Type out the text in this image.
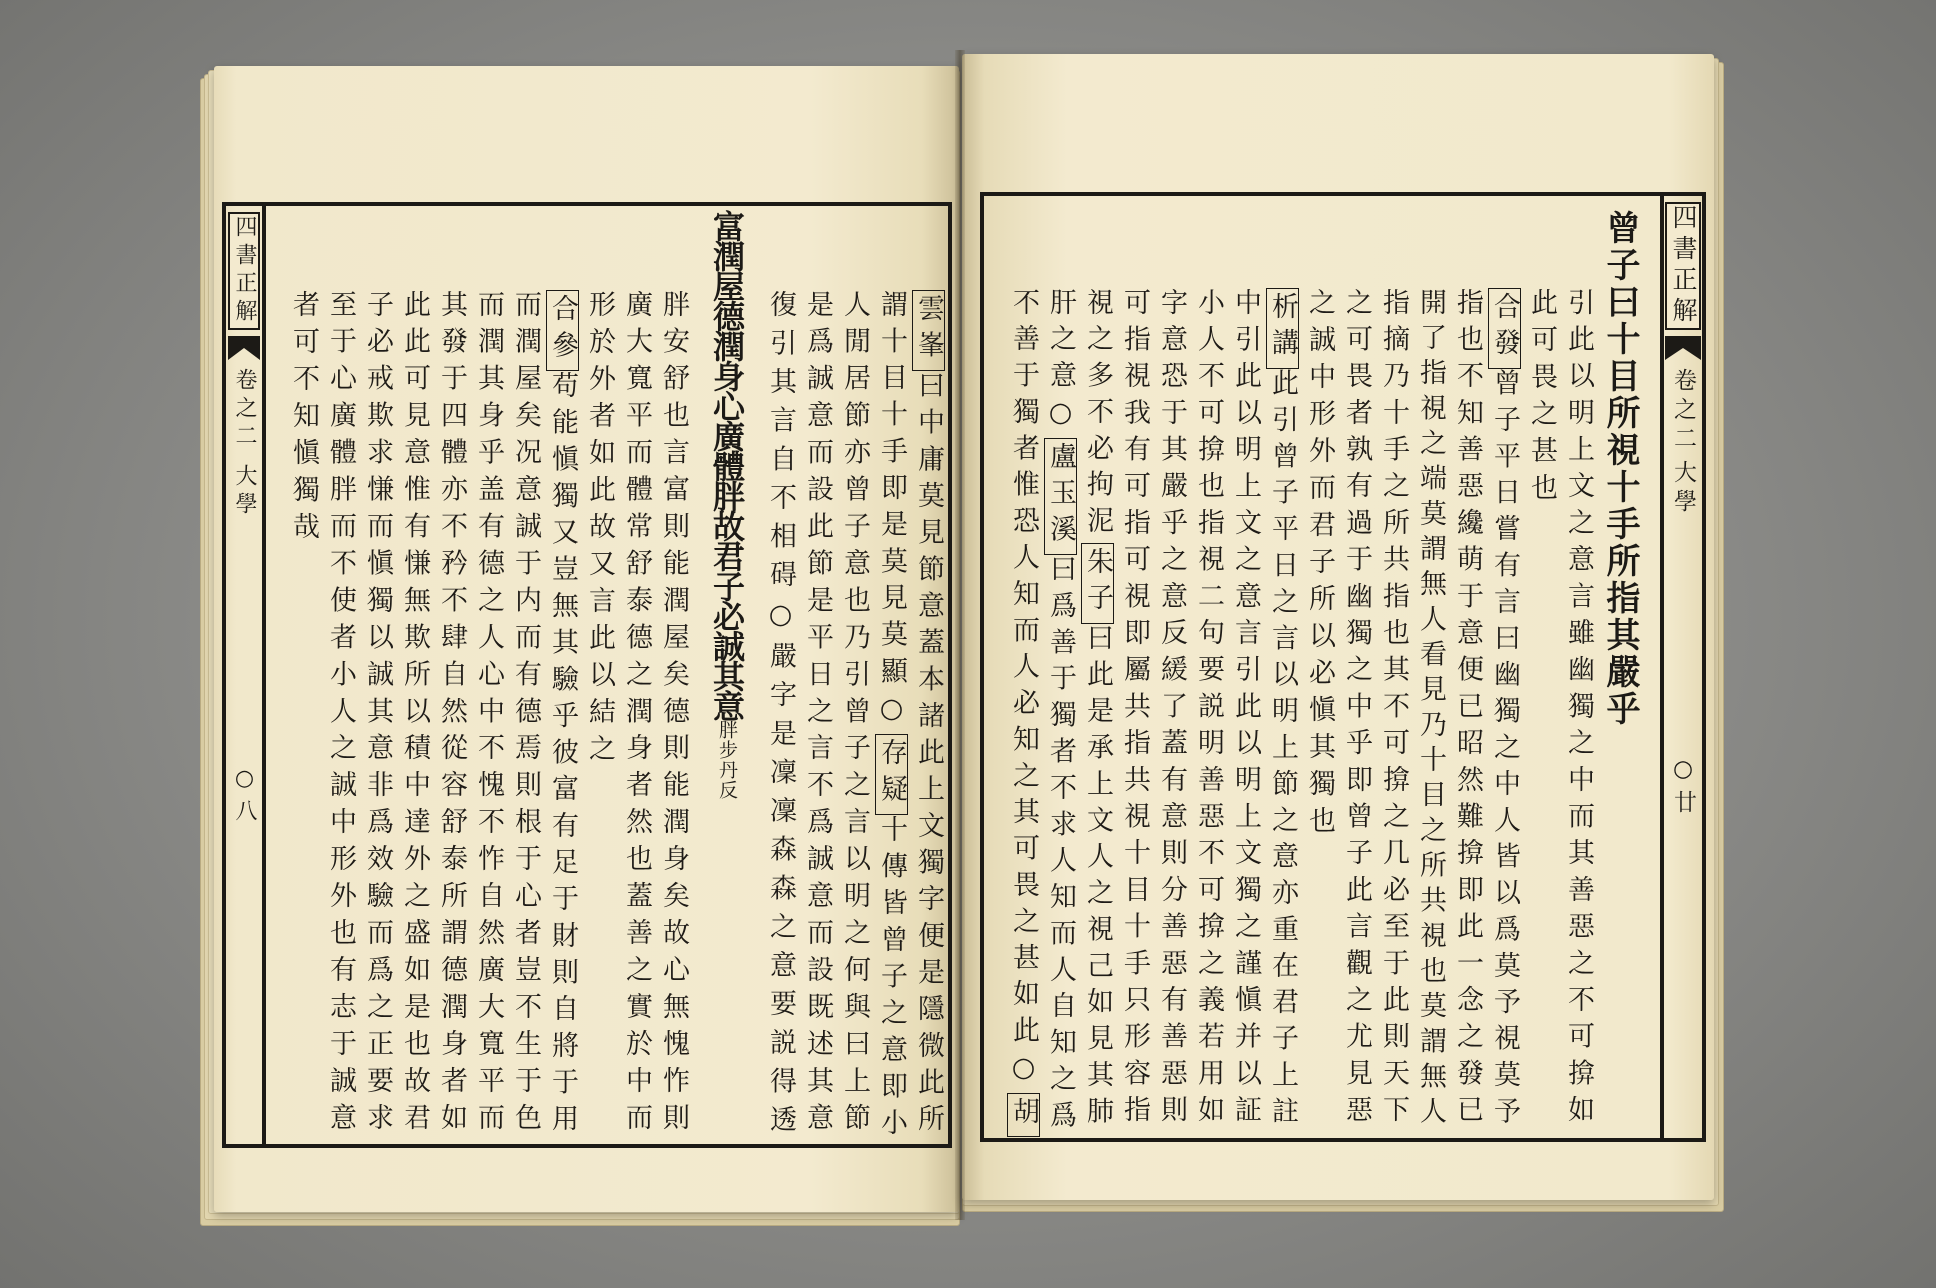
四書正解
卷之二
大學
○八
四書正解
卷之二
大學
○廿
雲峯曰中庸莫見節意蓋本諸此上文獨字便是隱微此所
謂十目十手即是莫見莫顯○存疑十傳皆曾子之意即小
人閒居節亦曾子意也乃引曾子之言以明之何與曰上節
是爲誠意而設此節是平日之言不爲誠意而設既述其意
復引其言自不相碍○嚴字是凜凜森森之意要説得透
富潤屋德潤身心廣體胖故君子必誠其意胖步丹反
胖安舒也言富則能潤屋矣德則能潤身矣故心無愧怍則
廣大寬平而體常舒泰德之潤身者然也蓋善之實於中而
形於外者如此故又言此以結之
合參苟能愼獨又豈無其驗乎彼富有足于財則自將于用
而潤屋矣况意誠于内而有德焉則根于心者豈不生于色
而潤其身乎盖有德之人心中不愧不怍自然廣大寬平而
其發于四體亦不矜不肆自然從容舒泰所謂德潤身者如
此此可見意惟有慊無欺所以積中達外之盛如是也故君
子必戒欺求慊而愼獨以誠其意非爲效驗而爲之正要求
至于心廣體胖而不使者小人之誠中形外也有志于誠意
者可不知愼獨哉	曾子曰十目所視十手所指其嚴乎
引此以明上文之意言雖幽獨之中而其善惡之不可揜如
此可畏之甚也
合發曾子平日嘗有言曰幽獨之中人皆以爲莫予視莫予
指也不知善惡纔萌于意便已昭然難揜即此一念之發已
開了指視之端莫謂無人看見乃十目之所共視也莫謂無人
指摘乃十手之所共指也其不可揜之几必至于此則天下
之可畏者孰有過于幽獨之中乎即曾子此言觀之尤見惡
之誠中形外而君子所以必愼其獨也
析講此引曾子平日之言以明上節之意亦重在君子上註
中引此以明上文之意言引此以明上文獨之謹愼并以証
小人不可揜也指視二句要説明善惡不可揜之義若用如
字意恐于其嚴乎之意反緩了蓋有意則分善惡有善惡則
可指視我有可指可視即屬共指共視十目十手只形容指
視之多不必拘泥朱子曰此是承上文人之視己如見其肺
肝之意○盧玉溪曰爲善于獨者不求人知而人自知之爲
不善于獨者惟恐人知而人必知之其可畏之甚如此○胡
